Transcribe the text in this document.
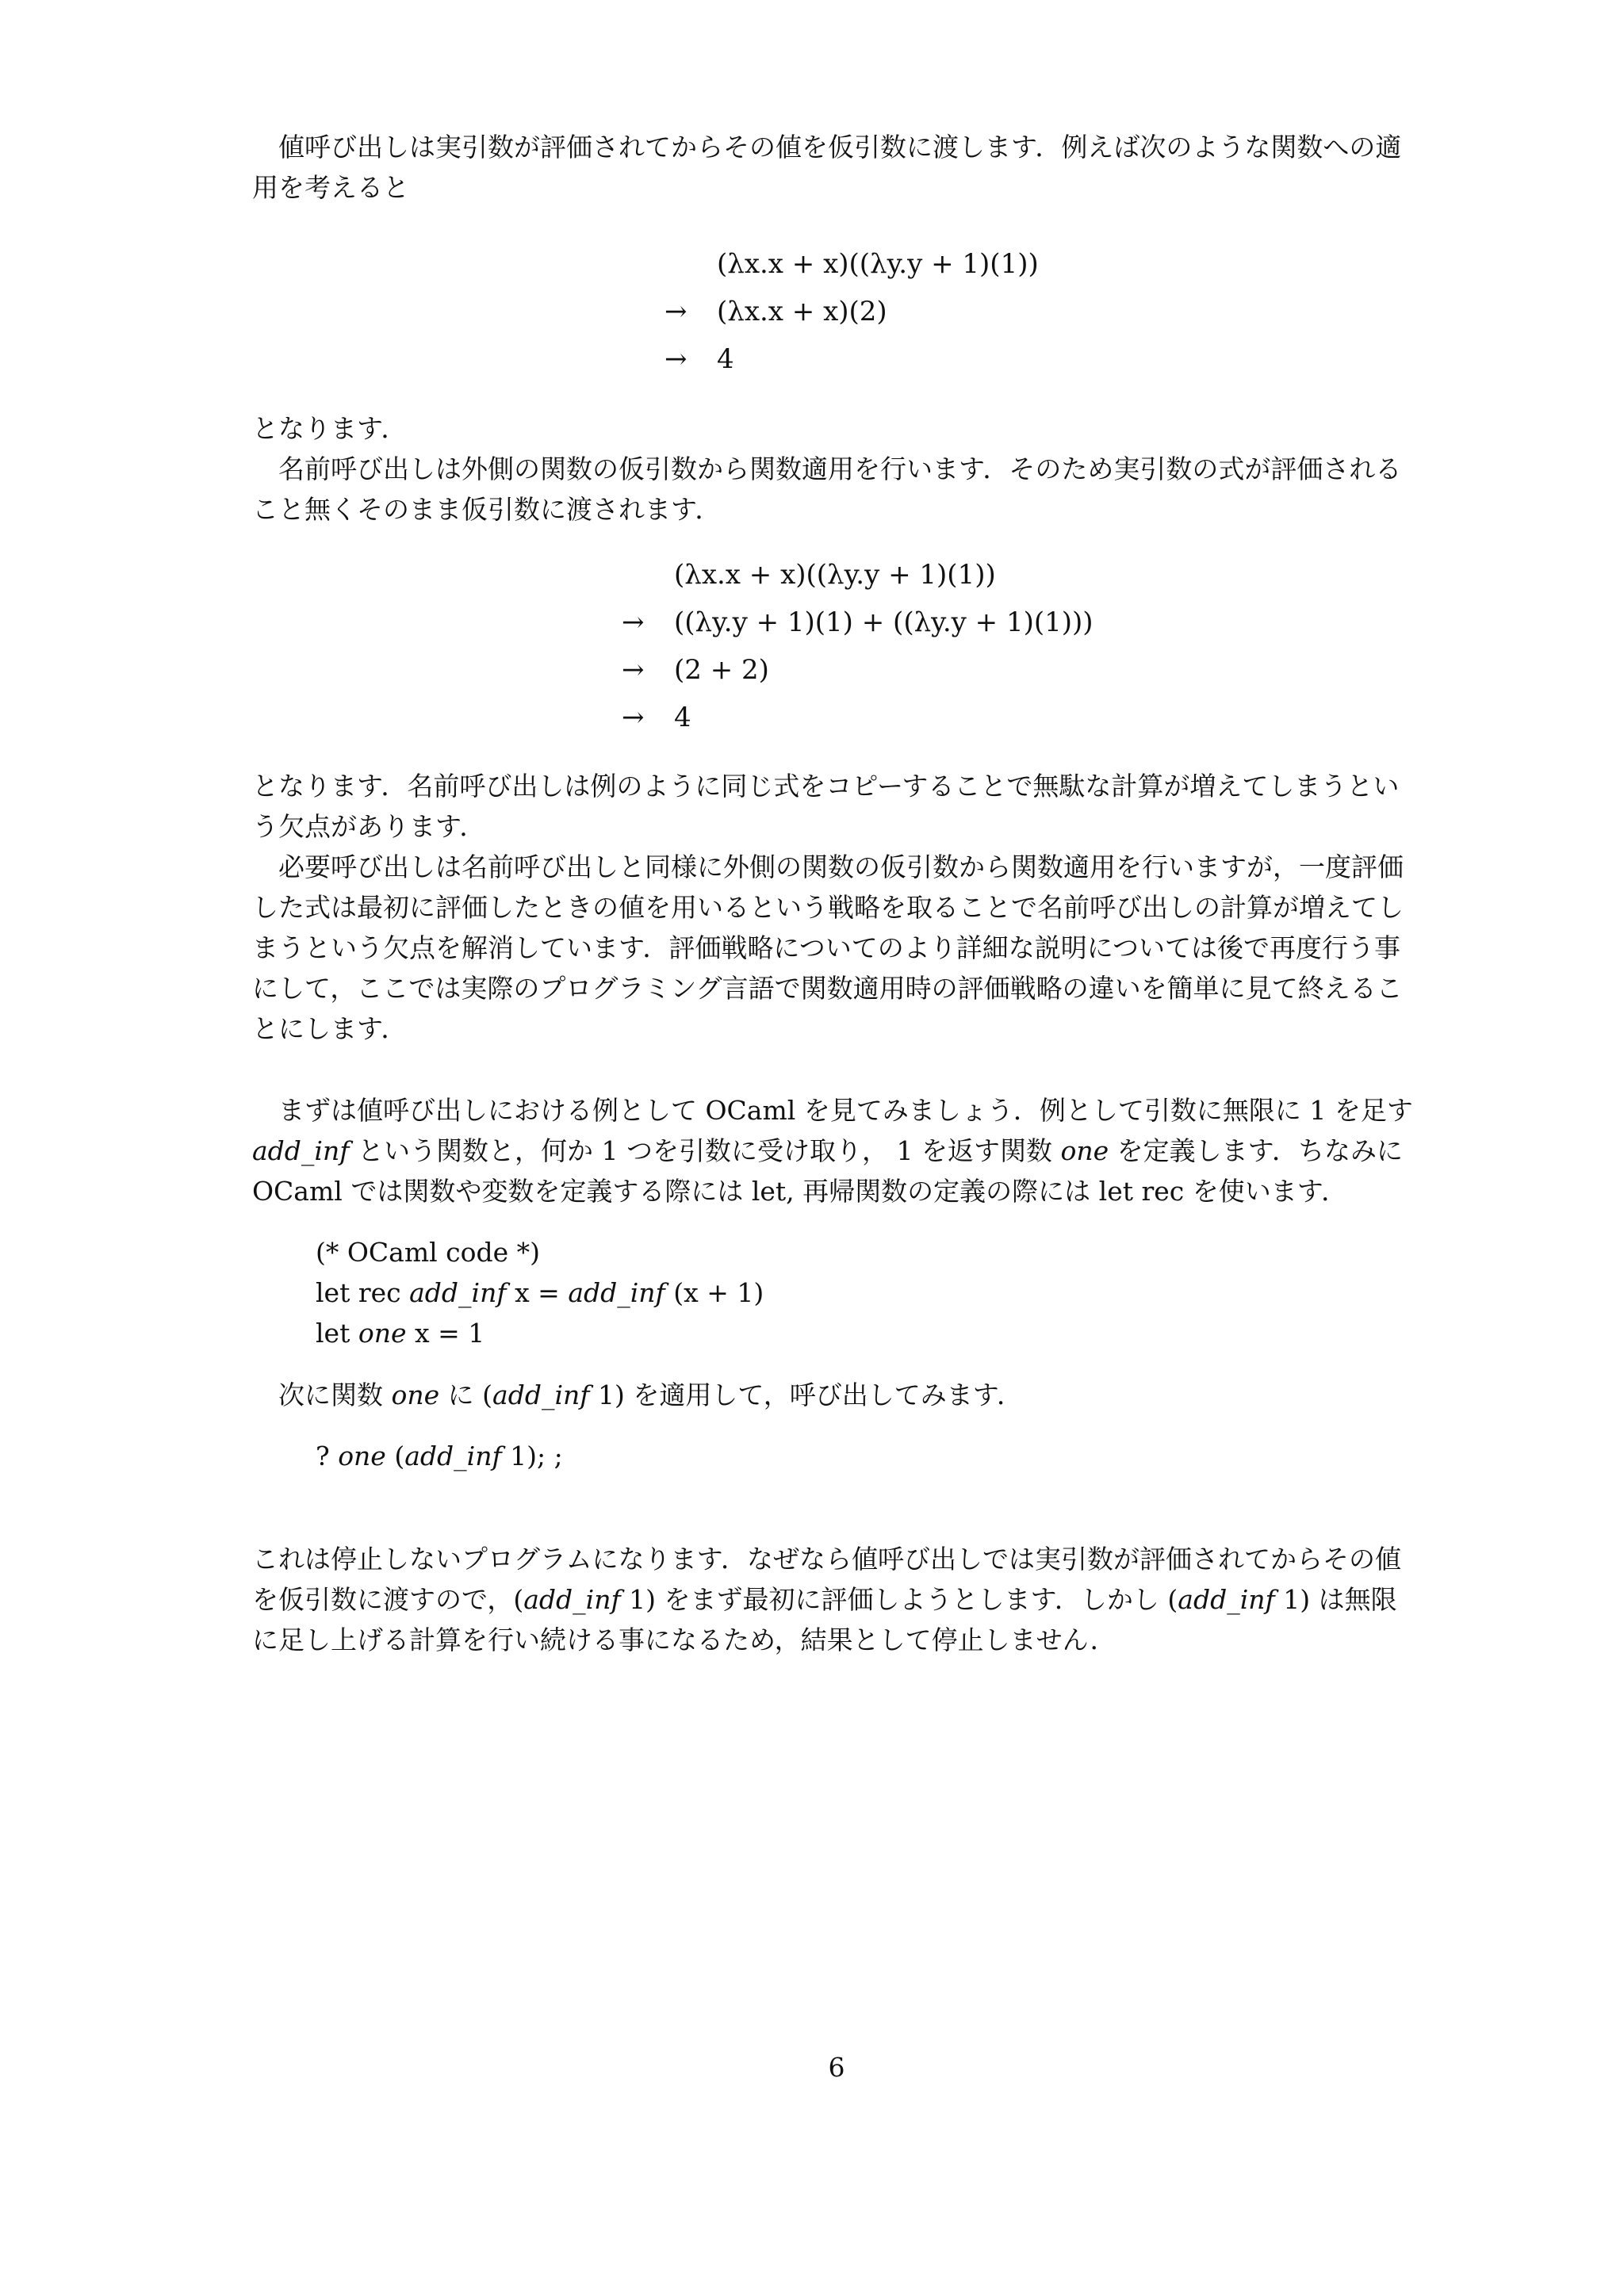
値呼び出しは実引数が評価されてからその値を仮引数に渡します．例えば次のような関数への適用を考えると

(λx.x + x)((λy.y + 1)(1))
→	(λx.x + x)(2)
→	4

となります．

名前呼び出しは外側の関数の仮引数から関数適用を行います．そのため実引数の式が評価されること無くそのまま仮引数に渡されます．

(λx.x + x)((λy.y + 1)(1))
→	((λy.y + 1)(1) + ((λy.y + 1)(1)))
→	(2 + 2)
→	4

となります．名前呼び出しは例のように同じ式をコピーすることで無駄な計算が増えてしまうという欠点があります．

必要呼び出しは名前呼び出しと同様に外側の関数の仮引数から関数適用を行いますが，一度評価した式は最初に評価したときの値を用いるという戦略を取ることで名前呼び出しの計算が増えてしまうという欠点を解消しています．評価戦略についてのより詳細な説明については後で再度行う事にして，ここでは実際のプログラミング言語で関数適用時の評価戦略の違いを簡単に見て終えることにします．

まずは値呼び出しにおける例として OCaml を見てみましょう．例として引数に無限に 1 を足す add_inf という関数と，何か 1 つを引数に受け取り， 1 を返す関数 one を定義します．ちなみに OCaml では関数や変数を定義する際には let, 再帰関数の定義の際には let rec を使います．

(* OCaml code *)
let rec add_inf x = add_inf (x + 1)
let one x = 1

次に関数 one に (add_inf 1) を適用して，呼び出してみます．

? one (add_inf 1); ;

これは停止しないプログラムになります．なぜなら値呼び出しでは実引数が評価されてからその値を仮引数に渡すので，(add_inf 1) をまず最初に評価しようとします．しかし (add_inf 1) は無限に足し上げる計算を行い続ける事になるため，結果として停止しません．

6
